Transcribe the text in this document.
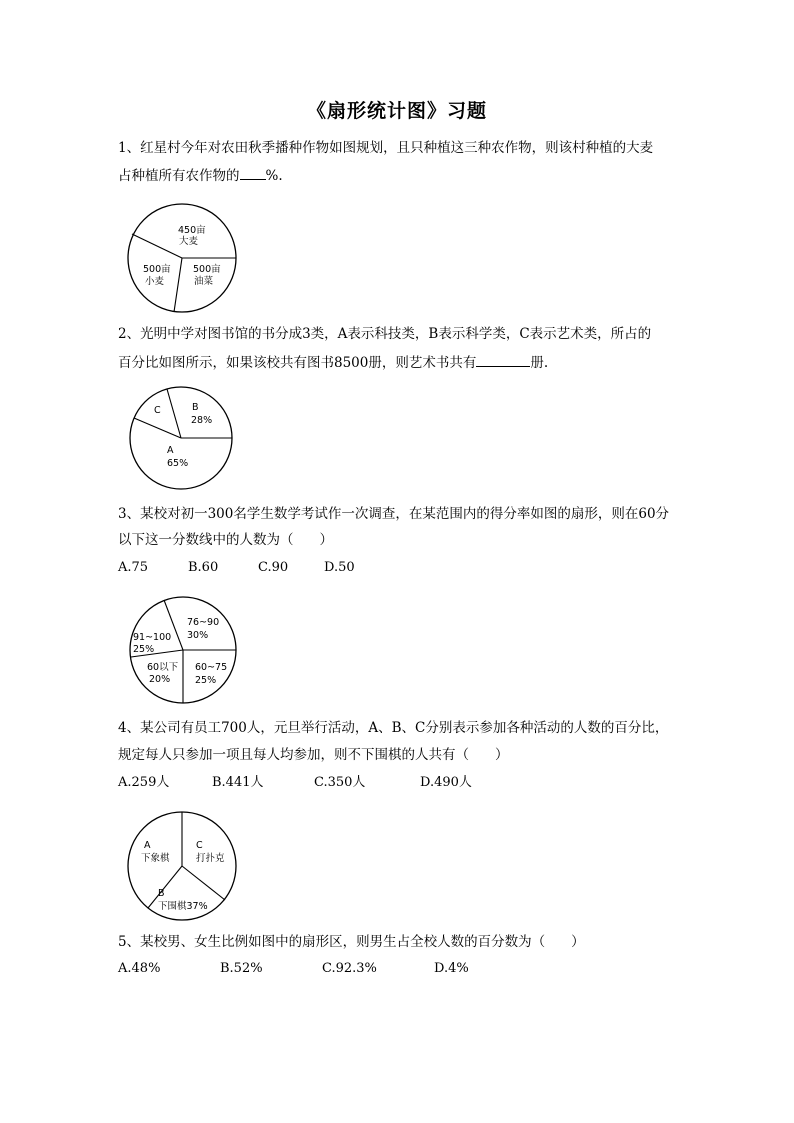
《扇形统计图》习题
1、红星村今年对农田秋季播种作物如图规划，且只种植这三种农作物，则该村种植的大麦
占种植所有农作物的 %.
450亩
大麦
500亩
小麦
500亩
油菜
2、光明中学对图书馆的书分成3类，A表示科技类，B表示科学类，C表示艺术类，所占的
百分比如图所示，如果该校共有图书8500册，则艺术书共有	册.
C	B
28%
A
65%
3、某校对初一300名学生数学考试作一次调查，在某范围内的得分率如图的扇形，则在60分
以下这一分数线中的人数为（ ）
A.75	B.60	C.90	D.50
76~90
30%
91~100
25%
60以下
20%
60~75
25%
4、某公司有员工700人，元旦举行活动，A、B、C分别表示参加各种活动的人数的百分比，
规定每人只参加一项且每人均参加，则不下围棋的人共有（ ）
A.259人	B.441人	C.350人	D.490人
A
下象棋
C
打扑克
B
下围棋37%
5、某校男、女生比例如图中的扇形区，则男生占全校人数的百分数为（ ）
A.48%	B.52%	C.92.3%	D.4%
